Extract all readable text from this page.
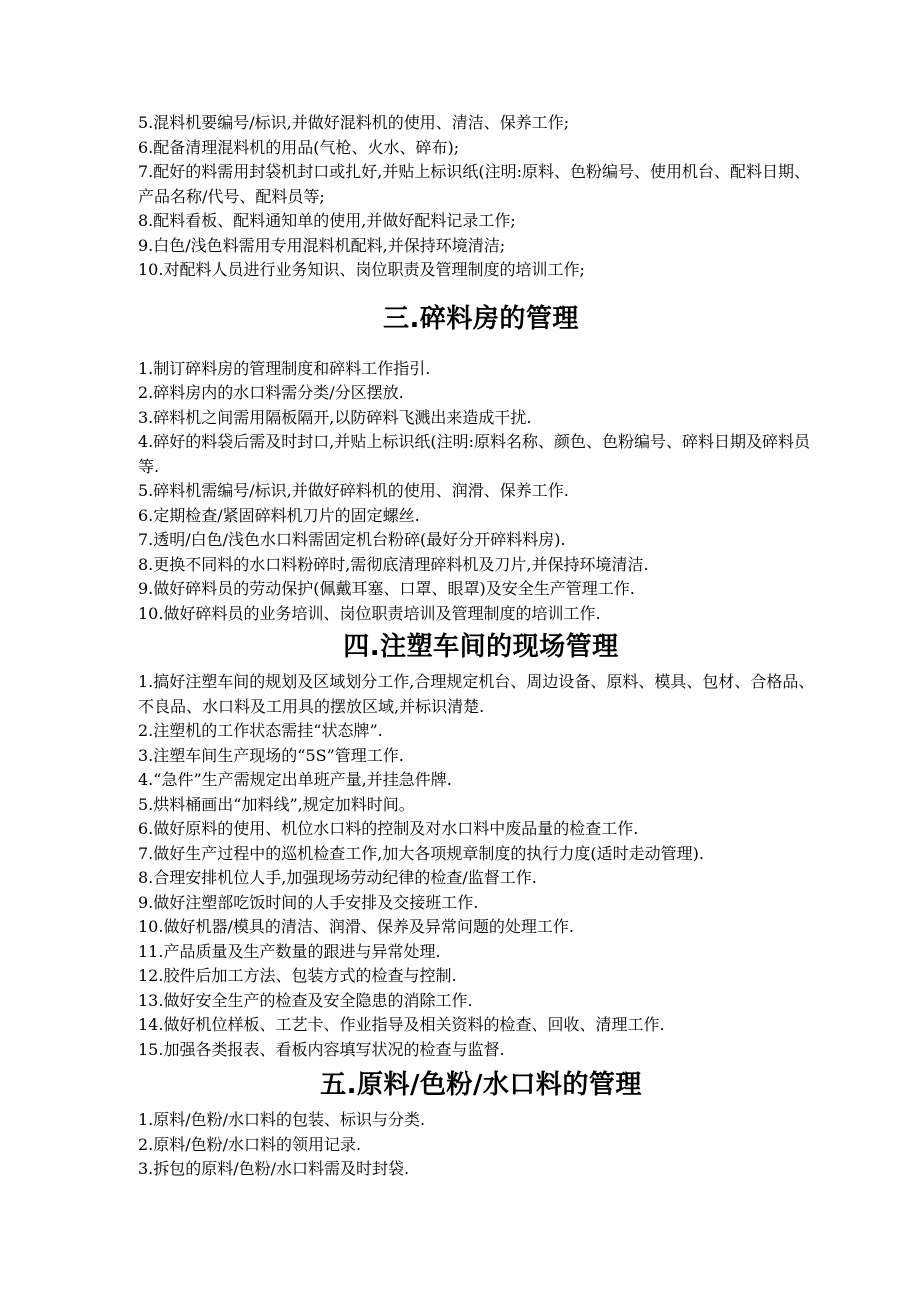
5.混料机要编号/标识,并做好混料机的使用、清洁、保养工作;

6.配备清理混料机的用品(气枪、火水、碎布);

7.配好的料需用封袋机封口或扎好,并贴上标识纸(注明:原料、色粉编号、使用机台、配料日期、产品名称/代号、配料员等;

8.配料看板、配料通知单的使用,并做好配料记录工作;

9.白色/浅色料需用专用混料机配料,并保持环境清洁;

10.对配料人员进行业务知识、岗位职责及管理制度的培训工作;

三.碎料房的管理

1.制订碎料房的管理制度和碎料工作指引.

2.碎料房内的水口料需分类/分区摆放.

3.碎料机之间需用隔板隔开,以防碎料飞溅出来造成干扰.

4.碎好的料袋后需及时封口,并贴上标识纸(注明:原料名称、颜色、色粉编号、碎料日期及碎料员等.

5.碎料机需编号/标识,并做好碎料机的使用、润滑、保养工作.

6.定期检查/紧固碎料机刀片的固定螺丝.

7.透明/白色/浅色水口料需固定机台粉碎(最好分开碎料料房).

8.更换不同料的水口料粉碎时,需彻底清理碎料机及刀片,并保持环境清洁.

9.做好碎料员的劳动保护(佩戴耳塞、口罩、眼罩)及安全生产管理工作.

10.做好碎料员的业务培训、岗位职责培训及管理制度的培训工作.

四.注塑车间的现场管理

1.搞好注塑车间的规划及区域划分工作,合理规定机台、周边设备、原料、模具、包材、合格品、不良品、水口料及工用具的摆放区域,并标识清楚.

2.注塑机的工作状态需挂“状态牌”.

3.注塑车间生产现场的“5S”管理工作.

4.“急件”生产需规定出单班产量,并挂急件牌.

5.烘料桶画出“加料线”,规定加料时间。

6.做好原料的使用、机位水口料的控制及对水口料中废品量的检查工作.

7.做好生产过程中的巡机检查工作,加大各项规章制度的执行力度(适时走动管理).

8.合理安排机位人手,加强现场劳动纪律的检查/监督工作.

9.做好注塑部吃饭时间的人手安排及交接班工作.

10.做好机器/模具的清洁、润滑、保养及异常问题的处理工作.

11.产品质量及生产数量的跟进与异常处理.

12.胶件后加工方法、包装方式的检查与控制.

13.做好安全生产的检查及安全隐患的消除工作.

14.做好机位样板、工艺卡、作业指导及相关资料的检查、回收、清理工作.

15.加强各类报表、看板内容填写状况的检查与监督.

五.原料/色粉/水口料的管理

1.原料/色粉/水口料的包装、标识与分类.

2.原料/色粉/水口料的领用记录.

3.拆包的原料/色粉/水口料需及时封袋.
